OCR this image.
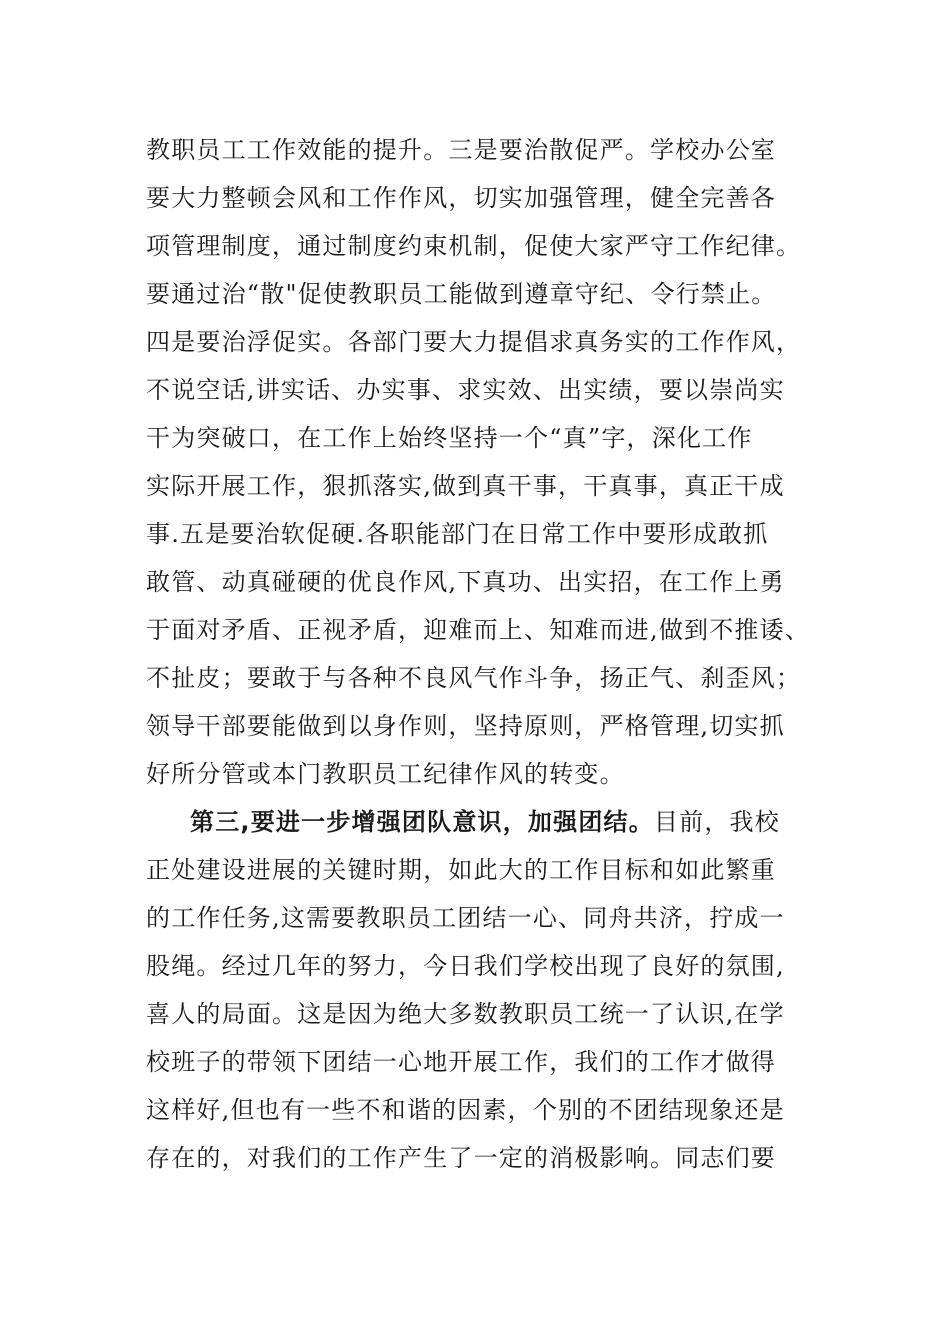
教职员工工作效能的提升。三是要治散促严。学校办公室
要大力整顿会风和工作作风，切实加强管理，健全完善各
项管理制度，通过制度约束机制，促使大家严守工作纪律。
要通过治“散"促使教职员工能做到遵章守纪、令行禁止。
四是要治浮促实。各部门要大力提倡求真务实的工作作风，
不说空话,讲实话、办实事、求实效、出实绩，要以崇尚实
干为突破口，在工作上始终坚持一个“真”字，深化工作
实际开展工作，狠抓落实,做到真干事，干真事，真正干成
事.五是要治软促硬.各职能部门在日常工作中要形成敢抓
敢管、动真碰硬的优良作风,下真功、出实招，在工作上勇
于面对矛盾、正视矛盾，迎难而上、知难而进,做到不推诿、
不扯皮；要敢于与各种不良风气作斗争，扬正气、刹歪风；
领导干部要能做到以身作则，坚持原则，严格管理,切实抓
好所分管或本门教职员工纪律作风的转变。
第三,要进一步增强团队意识，加强团结。目前，我校
正处建设进展的关键时期，如此大的工作目标和如此繁重
的工作任务,这需要教职员工团结一心、同舟共济，拧成一
股绳。经过几年的努力，今日我们学校出现了良好的氛围,
喜人的局面。这是因为绝大多数教职员工统一了认识,在学
校班子的带领下团结一心地开展工作，我们的工作才做得
这样好,但也有一些不和谐的因素，个别的不团结现象还是
存在的，对我们的工作产生了一定的消极影响。同志们要
